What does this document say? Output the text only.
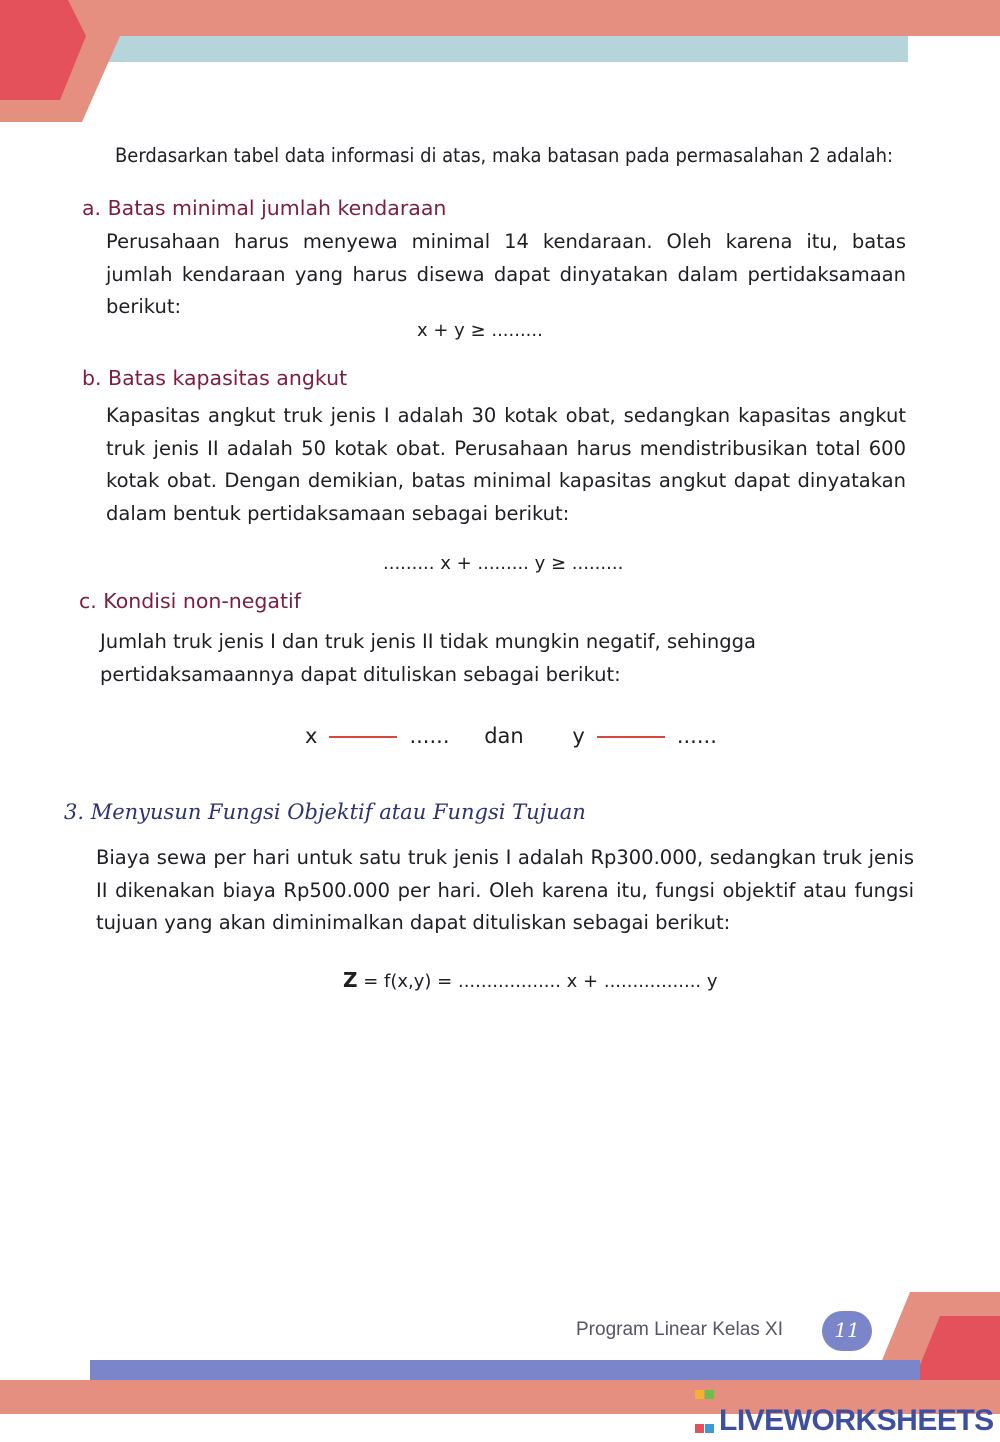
Berdasarkan tabel data informasi di atas, maka batasan pada permasalahan 2 adalah:
a. Batas minimal jumlah kendaraan
Perusahaan harus menyewa minimal 14 kendaraan. Oleh karena itu, batas jumlah kendaraan yang harus disewa dapat dinyatakan dalam pertidaksamaan berikut:
x + y ≥ .........
b. Batas kapasitas angkut
Kapasitas angkut truk jenis I adalah 30 kotak obat, sedangkan kapasitas angkut truk jenis II adalah 50 kotak obat. Perusahaan harus mendistribusikan total 600 kotak obat. Dengan demikian, batas minimal kapasitas angkut dapat dinyatakan dalam bentuk pertidaksamaan sebagai berikut:
......... x + ......... y ≥ .........
c. Kondisi non-negatif
Jumlah truk jenis I dan truk jenis II tidak mungkin negatif, sehingga pertidaksamaannya dapat dituliskan sebagai berikut:
x	...... dan y	......
3. Menyusun Fungsi Objektif atau Fungsi Tujuan
Biaya sewa per hari untuk satu truk jenis I adalah Rp300.000, sedangkan truk jenis II dikenakan biaya Rp500.000 per hari. Oleh karena itu, fungsi objektif atau fungsi tujuan yang akan diminimalkan dapat dituliskan sebagai berikut:
Z = f(x,y) = .................. x + ................. y
Program Linear Kelas XI	11

LIVEWORKSHEETS
